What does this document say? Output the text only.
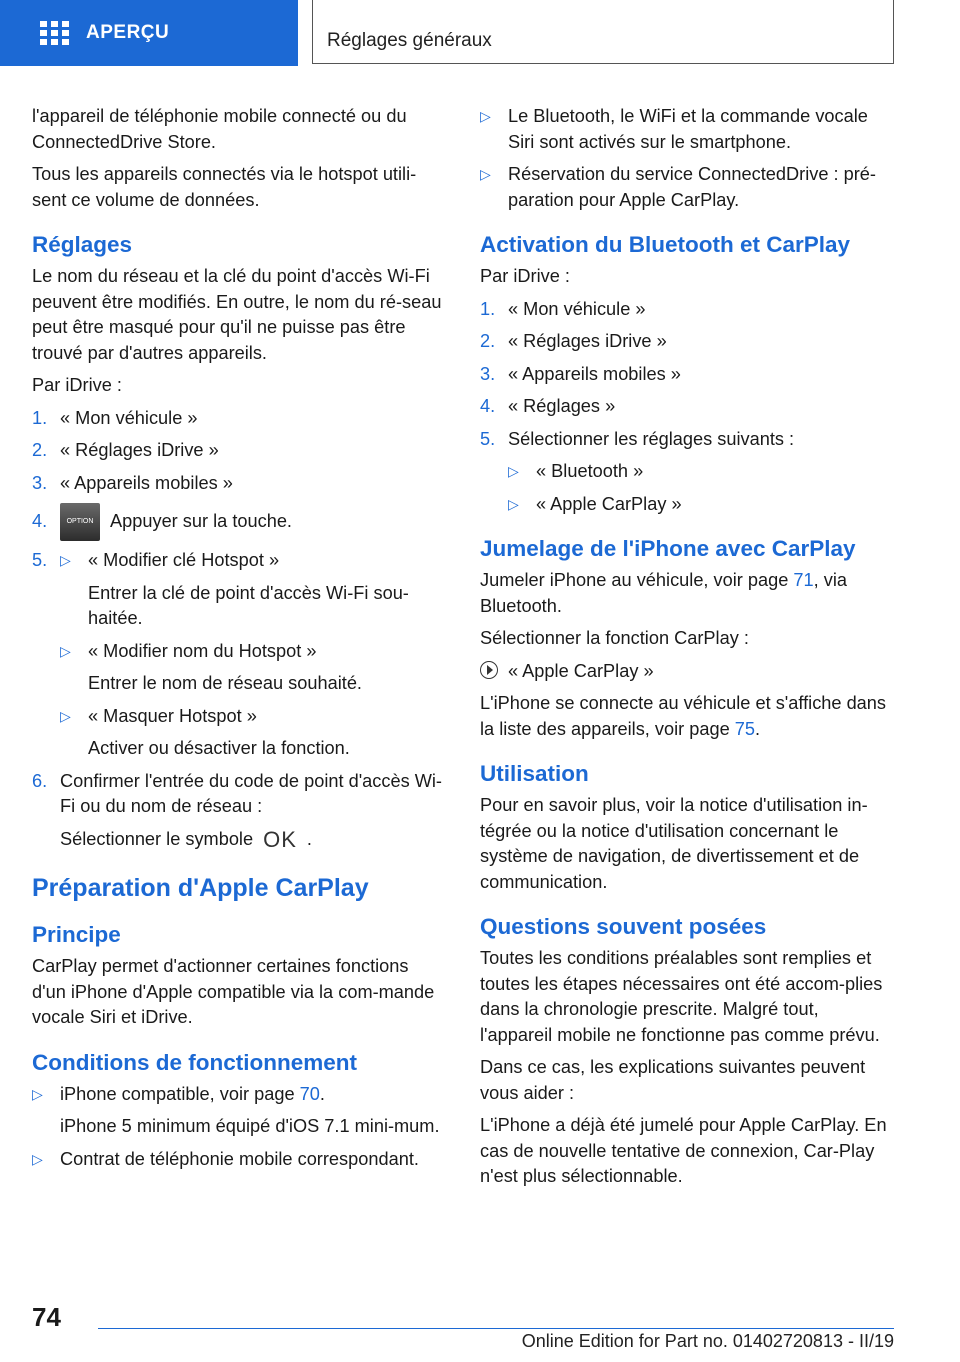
APERÇU	Réglages généraux

l'appareil de téléphonie mobile connecté ou du ConnectedDrive Store.

Tous les appareils connectés via le hotspot utili-sent ce volume de données.

Réglages

Le nom du réseau et la clé du point d'accès Wi-Fi peuvent être modifiés. En outre, le nom du ré-seau peut être masqué pour qu'il ne puisse pas être trouvé par d'autres appareils.

Par iDrive :

1. « Mon véhicule »
2. « Réglages iDrive »
3. « Appareils mobiles »
4.	OPTION Appuyer sur la touche.
5. ▷ « Modifier clé Hotspot »
Entrer la clé de point d'accès Wi-Fi sou-haitée.
▷ « Modifier nom du Hotspot »
Entrer le nom de réseau souhaité.
▷ « Masquer Hotspot »
Activer ou désactiver la fonction.
6. Confirmer l'entrée du code de point d'accès Wi-Fi ou du nom de réseau :
Sélectionner le symbole OK .
Préparation d'Apple CarPlay
Principe

CarPlay permet d'actionner certaines fonctions d'un iPhone d'Apple compatible via la com-mande vocale Siri et iDrive.

Conditions de fonctionnement
▷ iPhone compatible, voir page 70.
iPhone 5 minimum équipé d'iOS 7.1 mini-mum.
▷ Contrat de téléphonie mobile correspondant.
▷ Le Bluetooth, le WiFi et la commande vocale Siri sont activés sur le smartphone.
▷ Réservation du service ConnectedDrive : pré-paration pour Apple CarPlay.
Activation du Bluetooth et CarPlay

Par iDrive :

1. « Mon véhicule »
2. « Réglages iDrive »
3. « Appareils mobiles »
4. « Réglages »
5. Sélectionner les réglages suivants :
▷ « Bluetooth »
▷ « Apple CarPlay »
Jumelage de l'iPhone avec CarPlay

Jumeler iPhone au véhicule, voir page 71, via Bluetooth.

Sélectionner la fonction CarPlay :

« Apple CarPlay »

L'iPhone se connecte au véhicule et s'affiche dans la liste des appareils, voir page 75.

Utilisation

Pour en savoir plus, voir la notice d'utilisation in-tégrée ou la notice d'utilisation concernant le système de navigation, de divertissement et de communication.

Questions souvent posées

Toutes les conditions préalables sont remplies et toutes les étapes nécessaires ont été accom-plies dans la chronologie prescrite. Malgré tout, l'appareil mobile ne fonctionne pas comme prévu.

Dans ce cas, les explications suivantes peuvent vous aider :

L'iPhone a déjà été jumelé pour Apple CarPlay. En cas de nouvelle tentative de connexion, Car-Play n'est plus sélectionnable.

74
Online Edition for Part no. 01402720813 - II/19
